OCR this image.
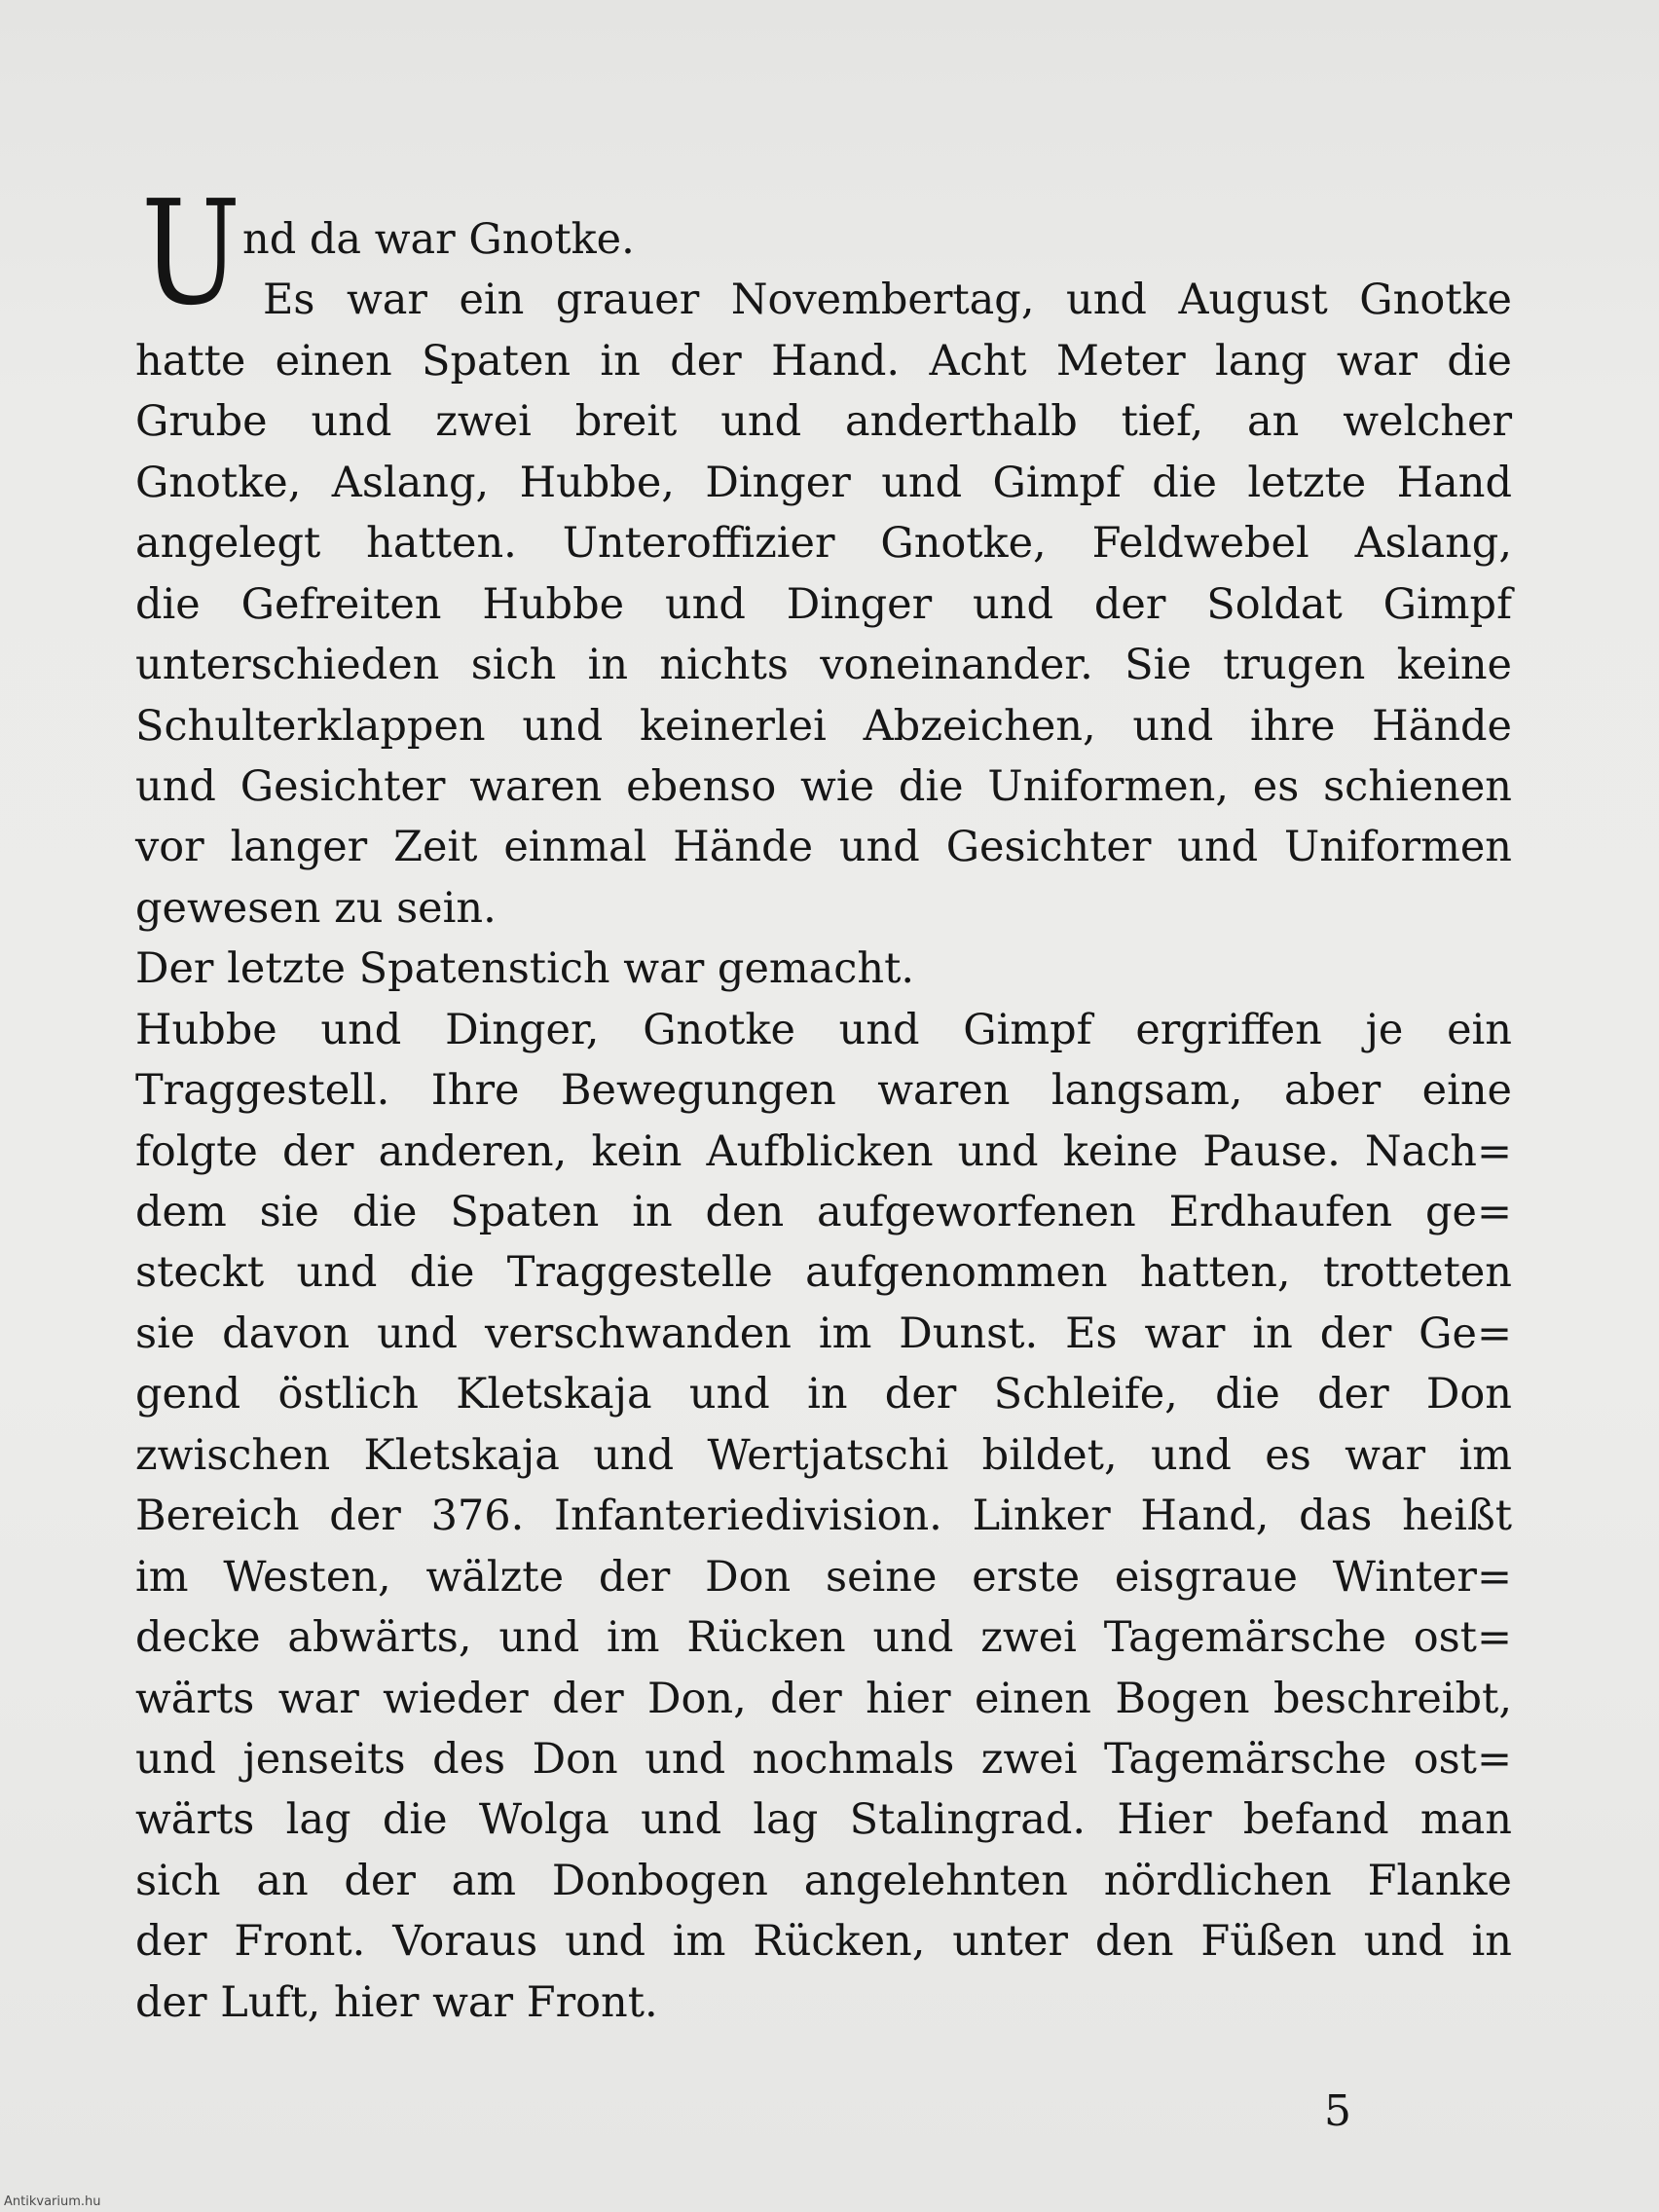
U nd da war Gnotke.
Es war ein grauer Novembertag, und August Gnotke
hatte einen Spaten in der Hand. Acht Meter lang war die
Grube und zwei breit und anderthalb tief, an welcher
Gnotke, Aslang, Hubbe, Dinger und Gimpf die letzte Hand
angelegt hatten. Unteroffizier Gnotke, Feldwebel Aslang,
die Gefreiten Hubbe und Dinger und der Soldat Gimpf
unterschieden sich in nichts voneinander. Sie trugen keine
Schulterklappen und keinerlei Abzeichen, und ihre Hände
und Gesichter waren ebenso wie die Uniformen, es schienen
vor langer Zeit einmal Hände und Gesichter und Uniformen
gewesen zu sein.
Der letzte Spatenstich war gemacht.
Hubbe und Dinger, Gnotke und Gimpf ergriffen je ein
Traggestell. Ihre Bewegungen waren langsam, aber eine
folgte der anderen, kein Aufblicken und keine Pause. Nach=
dem sie die Spaten in den aufgeworfenen Erdhaufen ge=
steckt und die Traggestelle aufgenommen hatten, trotteten
sie davon und verschwanden im Dunst. Es war in der Ge=
gend östlich Kletskaja und in der Schleife, die der Don
zwischen Kletskaja und Wertjatschi bildet, und es war im
Bereich der 376. Infanteriedivision. Linker Hand, das heißt
im Westen, wälzte der Don seine erste eisgraue Winter=
decke abwärts, und im Rücken und zwei Tagemärsche ost=
wärts war wieder der Don, der hier einen Bogen beschreibt,
und jenseits des Don und nochmals zwei Tagemärsche ost=
wärts lag die Wolga und lag Stalingrad. Hier befand man
sich an der am Donbogen angelehnten nördlichen Flanke
der Front. Voraus und im Rücken, unter den Füßen und in
der Luft, hier war Front.
5
Antikvarium.hu
